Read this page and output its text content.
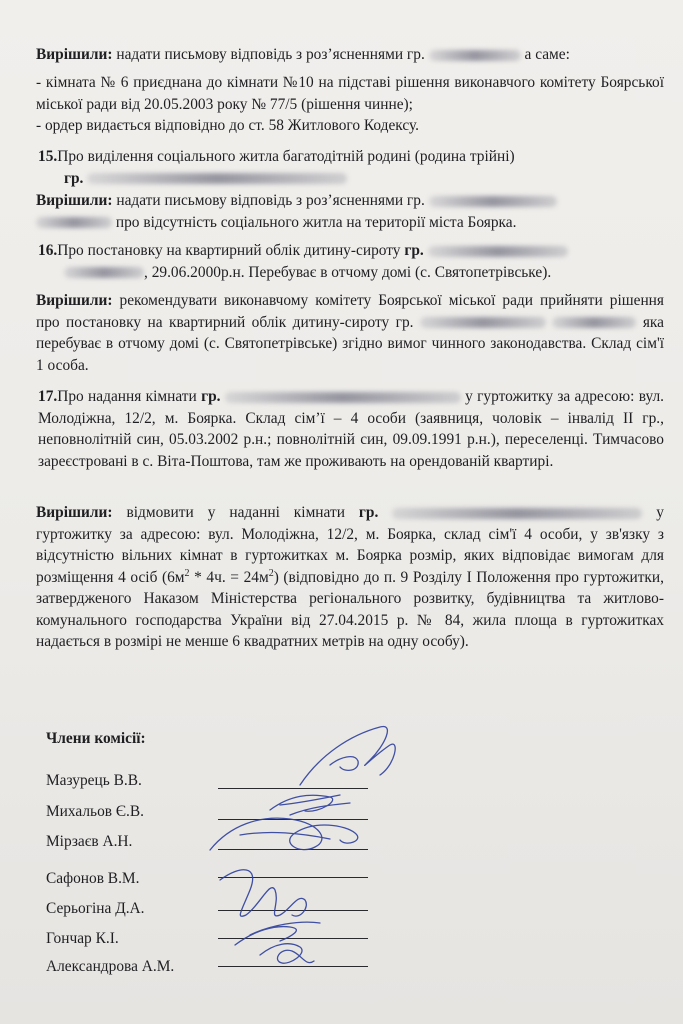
Вирішили: надати письмову відповідь з роз’ясненнями гр.	а саме:

- кімната № 6 приєднана до кімнати №10 на підставі рішення виконавчого комітету Боярської міської ради від 20.05.2003 року № 77/5 (рішення чинне);

- ордер видається відповідно до ст. 58 Житлового Кодексу.

15.Про виділення соціального житла багатодітній родині (родина трійні)
гр.

Вирішили: надати письмову відповідь з роз’ясненнями гр.
про відсутність соціального житла на території міста Боярка.

16.Про постановку на квартирний облік дитину-сироту гр.
, 29.06.2000р.н. Перебуває в отчому домі (с. Святопетрівське).

Вирішили: рекомендувати виконавчому комітету Боярської міської ради прийняти рішення про постановку на квартирний облік дитину-сироту гр.	яка перебуває в отчому домі (с. Святопетрівське) згідно вимог чинного законодавства. Склад сім'ї 1 особа.

17.Про надання кімнати гр.	у гуртожитку за адресою: вул. Молодіжна, 12/2, м. Боярка. Склад сім’ї – 4 особи (заявниця, чоловік – інвалід ІІ гр., неповнолітній син, 05.03.2002 р.н.; повнолітній син, 09.09.1991 р.н.), переселенці. Тимчасово зареєстровані в с. Віта-Поштова, там же проживають на орендованій квартирі.

Вирішили: відмовити у наданні кімнати гр.	у гуртожитку за адресою: вул. Молодіжна, 12/2, м. Боярка, склад сім'ї 4 особи, у зв'язку з відсутністю вільних кімнат в гуртожитках м. Боярка розмір, яких відповідає вимогам для розміщення 4 осіб ($6м^2 * 4ч$. = $24м^2$) (відповідно до п. 9 Розділу І Положення про гуртожитки, затвердженого Наказом Міністерства регіонального розвитку, будівництва та житлово-комунального господарства України від 27.04.2015 р. № 84, жила площа в гуртожитках надається в розмірі не менше 6 квадратних метрів на одну особу).

Члени комісії:

Мазурець В.В.

Михальов Є.В.

Мірзаєв А.Н.

Сафонов В.М.

Серьогіна Д.А.

Гончар К.І.

Александрова А.М.
